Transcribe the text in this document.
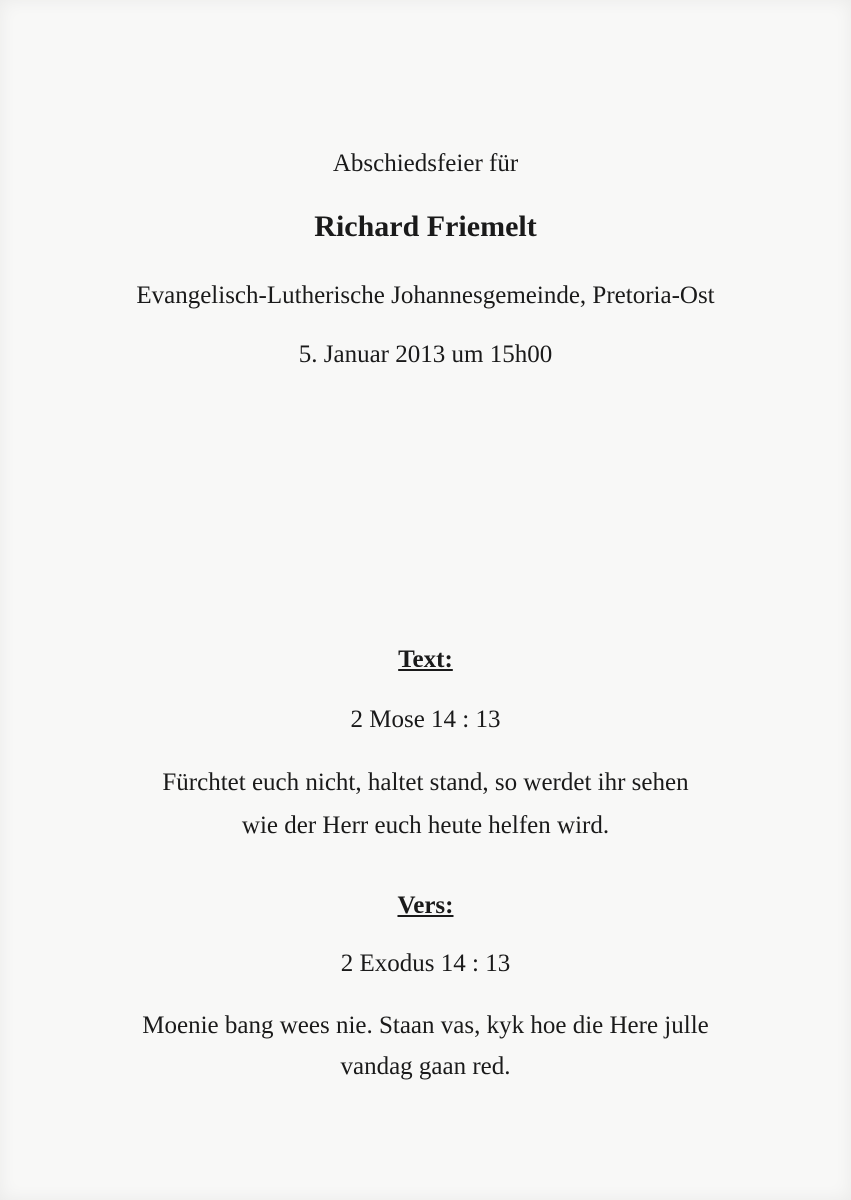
Abschiedsfeier für
Richard Friemelt
Evangelisch-Lutherische Johannesgemeinde, Pretoria-Ost
5. Januar 2013 um 15h00
Text:
2 Mose 14 : 13
Fürchtet euch nicht, haltet stand, so werdet ihr sehen
wie der Herr euch heute helfen wird.
Vers:
2 Exodus 14 : 13
Moenie bang wees nie. Staan vas, kyk hoe die Here julle
vandag gaan red.
